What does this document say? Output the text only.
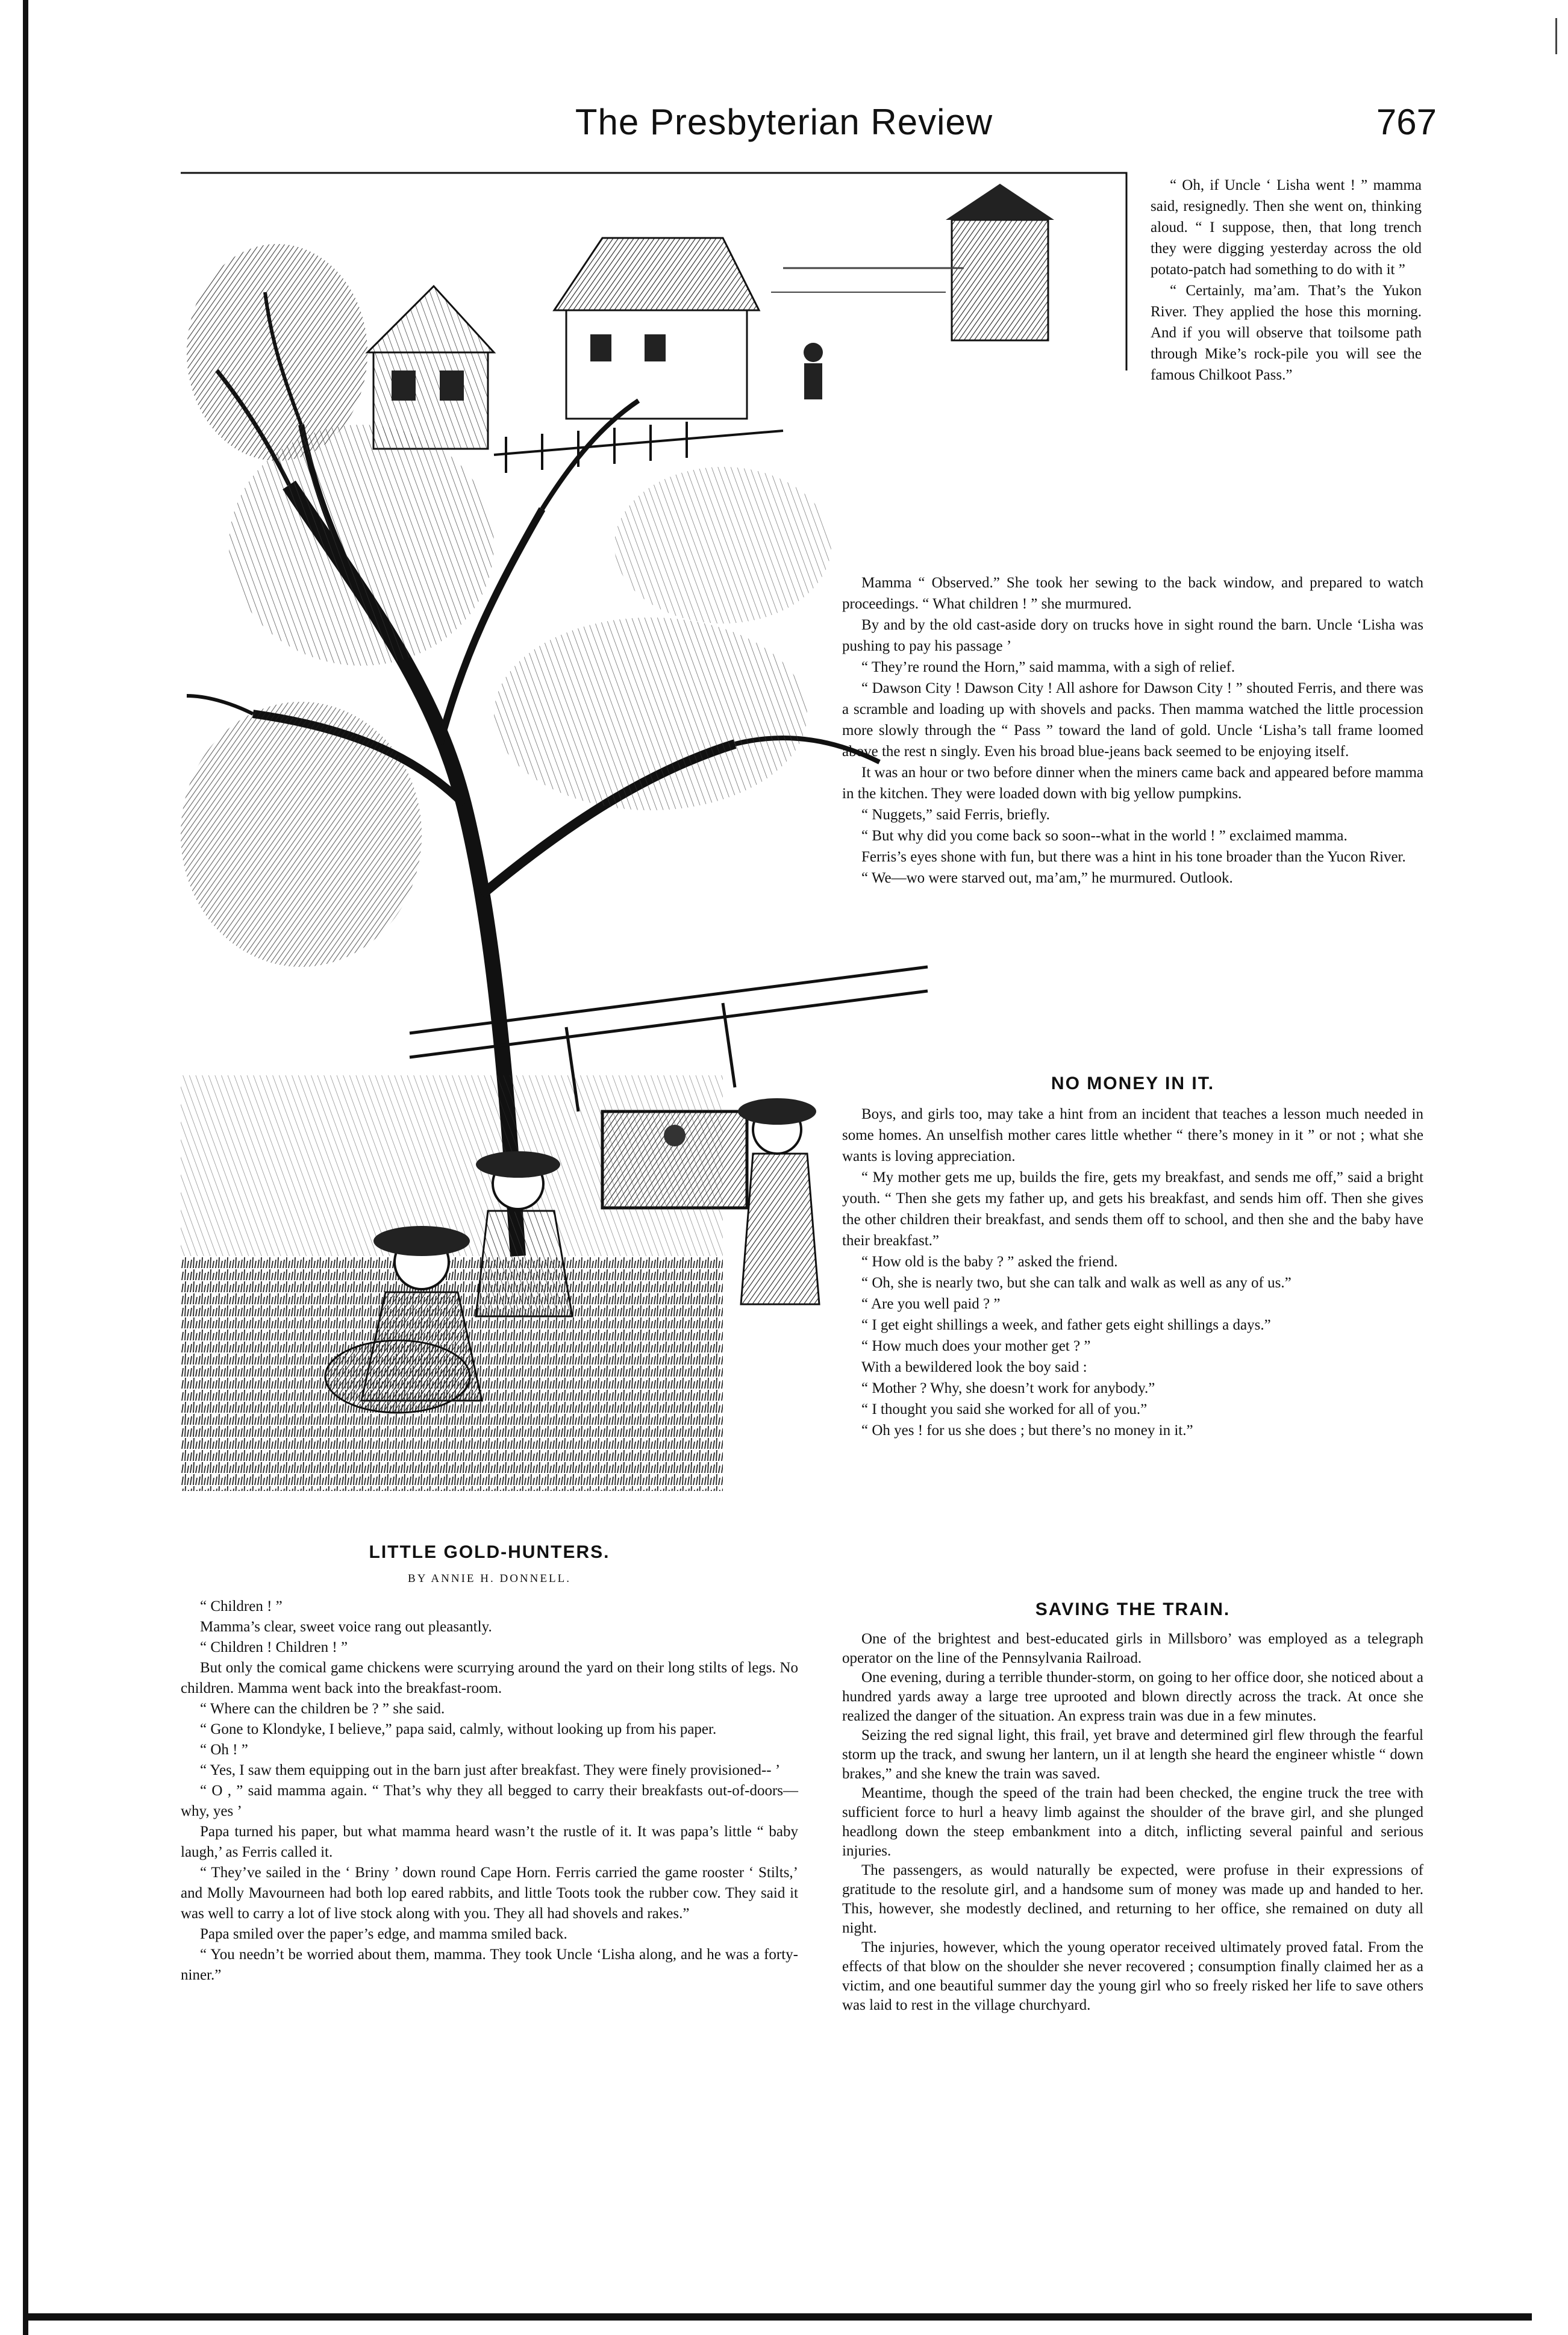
The Presbyterian Review	767

“ Oh, if Uncle ‘ Lisha went ! ” mamma said, resignedly. Then she went on, thinking aloud. “ I suppose, then, that long trench they were digging yesterday across the old potato-patch had something to do with it ”

“ Certainly, ma’am. That’s the Yukon River. They applied the hose this morning. And if you will observe that toilsome path through Mike’s rock-pile you will see the famous Chilkoot Pass.”

Mamma “ Observed.” She took her sewing to the back window, and prepared to watch proceedings. “ What children ! ” she murmured.

By and by the old cast-aside dory on trucks hove in sight round the barn. Uncle ‘Lisha was pushing to pay his passage ’

“ They’re round the Horn,” said mamma, with a sigh of relief.

“ Dawson City ! Dawson City ! All ashore for Dawson City ! ” shouted Ferris, and there was a scramble and loading up with shovels and packs. Then mamma watched the little procession more slowly through the “ Pass ” toward the land of gold. Uncle ‘Lisha’s tall frame loomed above the rest n singly. Even his broad blue-jeans back seemed to be enjoying itself.

It was an hour or two before dinner when the miners came back and appeared before mamma in the kitchen. They were loaded down with big yellow pumpkins.

“ Nuggets,” said Ferris, briefly.

“ But why did you come back so soon--what in the world ! ” exclaimed mamma.

Ferris’s eyes shone with fun, but there was a hint in his tone broader than the Yucon River.

“ We—wo were starved out, ma’am,” he murmured. Outlook.

NO MONEY IN IT.

Boys, and girls too, may take a hint from an incident that teaches a lesson much needed in some homes. An unselfish mother cares little whether “ there’s money in it ” or not ; what she wants is loving appreciation.

“ My mother gets me up, builds the fire, gets my breakfast, and sends me off,” said a bright youth. “ Then she gets my father up, and gets his breakfast, and sends him off. Then she gives the other children their breakfast, and sends them off to school, and then she and the baby have their breakfast.”

“ How old is the baby ? ” asked the friend.

“ Oh, she is nearly two, but she can talk and walk as well as any of us.”

“ Are you well paid ? ”

“ I get eight shillings a week, and father gets eight shillings a days.”

“ How much does your mother get ? ”

With a bewildered look the boy said :

“ Mother ? Why, she doesn’t work for anybody.”

“ I thought you said she worked for all of you.”

“ Oh yes ! for us she does ; but there’s no money in it.”

SAVING THE TRAIN.

One of the brightest and best-educated girls in Millsboro’ was employed as a telegraph operator on the line of the Pennsylvania Railroad.

One evening, during a terrible thunder-storm, on going to her office door, she noticed about a hundred yards away a large tree uprooted and blown directly across the track. At once she realized the danger of the situation. An express train was due in a few minutes.

Seizing the red signal light, this frail, yet brave and determined girl flew through the fearful storm up the track, and swung her lantern, un il at length she heard the engineer whistle “ down brakes,” and she knew the train was saved.

Meantime, though the speed of the train had been checked, the engine truck the tree with sufficient force to hurl a heavy limb against the shoulder of the brave girl, and she plunged headlong down the steep embankment into a ditch, inflicting several painful and serious injuries.

The passengers, as would naturally be expected, were profuse in their expressions of gratitude to the resolute girl, and a handsome sum of money was made up and handed to her. This, however, she modestly declined, and returning to her office, she remained on duty all night.

The injuries, however, which the young operator received ultimately proved fatal. From the effects of that blow on the shoulder she never recovered ; consumption finally claimed her as a victim, and one beautiful summer day the young girl who so freely risked her life to save others was laid to rest in the village churchyard.

LITTLE GOLD-HUNTERS.
BY ANNIE H. DONNELL.

“ Children ! ”

Mamma’s clear, sweet voice rang out pleasantly.

“ Children ! Children ! ”

But only the comical game chickens were scurrying around the yard on their long stilts of legs. No children. Mamma went back into the breakfast-room.

“ Where can the children be ? ” she said.

“ Gone to Klondyke, I believe,” papa said, calmly, without looking up from his paper.

“ Oh ! ”

“ Yes, I saw them equipping out in the barn just after breakfast. They were finely provisioned-- ’

“ O , ” said mamma again. “ That’s why they all begged to carry their breakfasts out-of-doors—why, yes ’

Papa turned his paper, but what mamma heard wasn’t the rustle of it. It was papa’s little “ baby laugh,’ as Ferris called it.

“ They’ve sailed in the ‘ Briny ’ down round Cape Horn. Ferris carried the game rooster ‘ Stilts,’ and Molly Mavourneen had both lop eared rabbits, and little Toots took the rubber cow. They said it was well to carry a lot of live stock along with you. They all had shovels and rakes.”

Papa smiled over the paper’s edge, and mamma smiled back.

“ You needn’t be worried about them, mamma. They took Uncle ‘Lisha along, and he was a forty-niner.”
